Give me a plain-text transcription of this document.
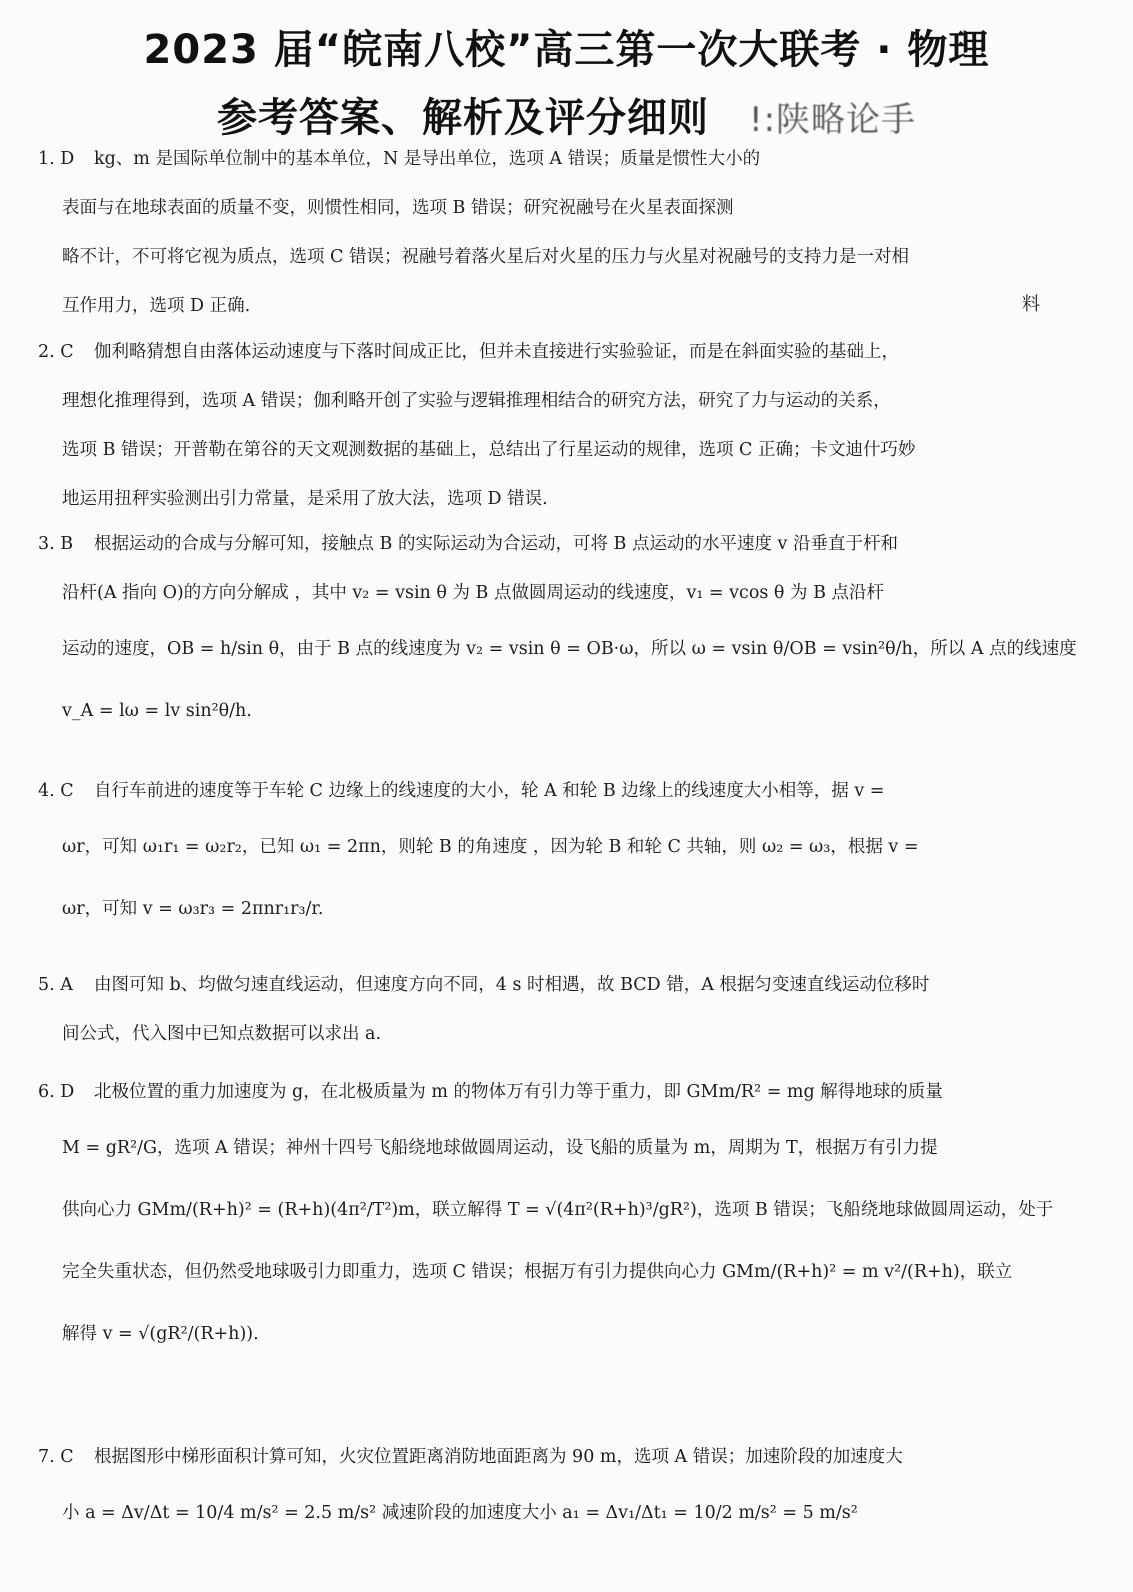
2023 届“皖南八校”高三第一次大联考 · 物理
参考答案、解析及评分细则 !:陕略论手
1. D kg、m 是国际单位制中的基本单位，N 是导出单位，选项 A 错误；质量是惯性大小的
表面与在地球表面的质量不变，则惯性相同，选项 B 错误；研究祝融号在火星表面探测
略不计，不可将它视为质点，选项 C 错误；祝融号着落火星后对火星的压力与火星对祝融号的支持力是一对相
互作用力，选项 D 正确.	料
2. C 伽利略猜想自由落体运动速度与下落时间成正比，但并未直接进行实验验证，而是在斜面实验的基础上，
理想化推理得到，选项 A 错误；伽利略开创了实验与逻辑推理相结合的研究方法，研究了力与运动的关系，
选项 B 错误；开普勒在第谷的天文观测数据的基础上，总结出了行星运动的规律，选项 C 正确；卡文迪什巧妙
地运用扭秤实验测出引力常量，是采用了放大法，选项 D 错误.
3. B 根据运动的合成与分解可知，接触点 B 的实际运动为合运动，可将 B 点运动的水平速度 v 沿垂直于杆和
沿杆(A 指向 O)的方向分解成 ，其中 v₂ = vsin θ 为 B 点做圆周运动的线速度，v₁ = vcos θ 为 B 点沿杆
运动的速度，OB = h/sin θ，由于 B 点的线速度为 v₂ = vsin θ = OB·ω，所以 ω = vsin θ/OB = vsin²θ/h，所以 A 点的线速度
v_A = lω = lv sin²θ/h.
4. C 自行车前进的速度等于车轮 C 边缘上的线速度的大小，轮 A 和轮 B 边缘上的线速度大小相等，据 v =
ωr，可知 ω₁r₁ = ω₂r₂，已知 ω₁ = 2πn，则轮 B 的角速度 ，因为轮 B 和轮 C 共轴，则 ω₂ = ω₃，根据 v =
ωr，可知 v = ω₃r₃ = 2πnr₁r₃/r.
5. A 由图可知 b、均做匀速直线运动，但速度方向不同，4 s 时相遇，故 BCD 错，A 根据匀变速直线运动位移时
间公式，代入图中已知点数据可以求出 a.
6. D 北极位置的重力加速度为 g，在北极质量为 m 的物体万有引力等于重力，即 GMm/R² = mg 解得地球的质量
M = gR²/G，选项 A 错误；神州十四号飞船绕地球做圆周运动，设飞船的质量为 m，周期为 T，根据万有引力提
供向心力 GMm/(R+h)² = (R+h)(4π²/T²)m，联立解得 T = √(4π²(R+h)³/gR²)，选项 B 错误；飞船绕地球做圆周运动，处于
完全失重状态，但仍然受地球吸引力即重力，选项 C 错误；根据万有引力提供向心力 GMm/(R+h)² = m v²/(R+h)，联立
解得 v = √(gR²/(R+h)).
7. C 根据图形中梯形面积计算可知，火灾位置距离消防地面距离为 90 m，选项 A 错误；加速阶段的加速度大
小 a = Δv/Δt = 10/4 m/s² = 2.5 m/s² 减速阶段的加速度大小 a₁ = Δv₁/Δt₁ = 10/2 m/s² = 5 m/s²
